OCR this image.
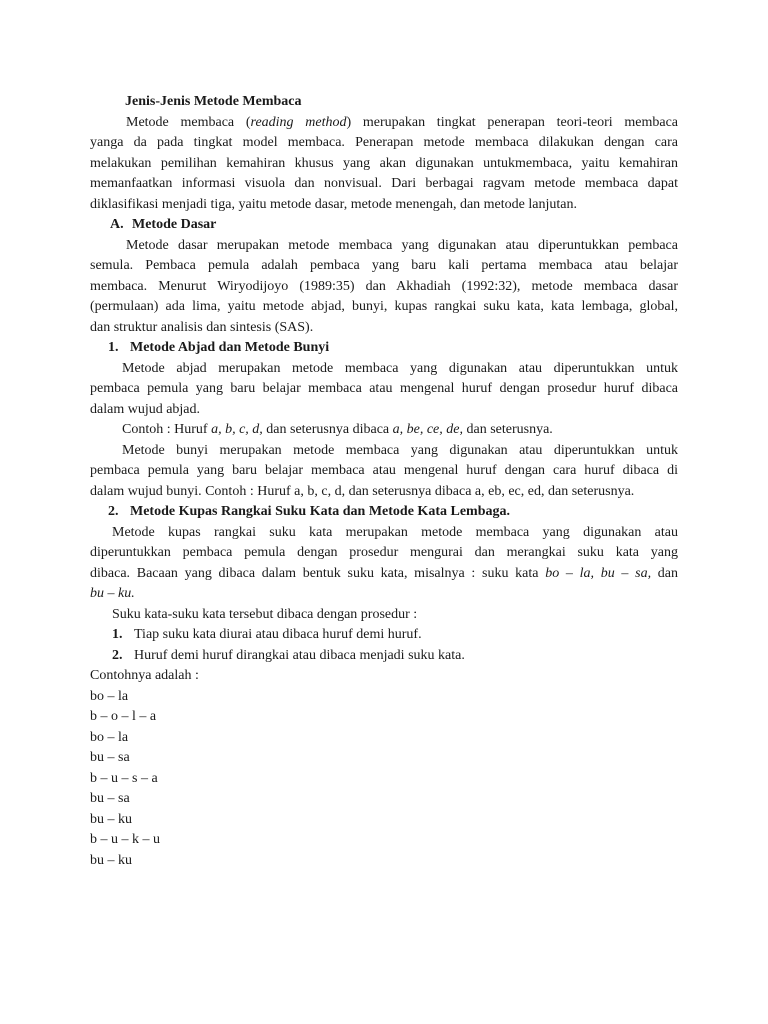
Jenis-Jenis Metode Membaca
Metode membaca (reading method) merupakan tingkat penerapan teori-teori membaca
yanga da pada tingkat model membaca. Penerapan metode membaca dilakukan dengan cara
melakukan pemilihan kemahiran khusus yang akan digunakan untukmembaca, yaitu kemahiran
memanfaatkan informasi visuola dan nonvisual. Dari berbagai ragvam metode membaca dapat
diklasifikasi menjadi tiga, yaitu metode dasar, metode menengah, dan metode lanjutan.
A. Metode Dasar
Metode dasar merupakan metode membaca yang digunakan atau diperuntukkan pembaca
semula. Pembaca pemula adalah pembaca yang baru kali pertama membaca atau belajar
membaca. Menurut Wiryodijoyo (1989:35) dan Akhadiah (1992:32), metode membaca dasar
(permulaan) ada lima, yaitu metode abjad, bunyi, kupas rangkai suku kata, kata lembaga, global,
dan struktur analisis dan sintesis (SAS).
1. Metode Abjad dan Metode Bunyi
Metode abjad merupakan metode membaca yang digunakan atau diperuntukkan untuk
pembaca pemula yang baru belajar membaca atau mengenal huruf dengan prosedur huruf dibaca
dalam wujud abjad.
Contoh : Huruf a, b, c, d, dan seterusnya dibaca a, be, ce, de, dan seterusnya.
Metode bunyi merupakan metode membaca yang digunakan atau diperuntukkan untuk
pembaca pemula yang baru belajar membaca atau mengenal huruf dengan cara huruf dibaca di
dalam wujud bunyi. Contoh : Huruf a, b, c, d, dan seterusnya dibaca a, eb, ec, ed, dan seterusnya.
2. Metode Kupas Rangkai Suku Kata dan Metode Kata Lembaga.
Metode kupas rangkai suku kata merupakan metode membaca yang digunakan atau
diperuntukkan pembaca pemula dengan prosedur mengurai dan merangkai suku kata yang
dibaca. Bacaan yang dibaca dalam bentuk suku kata, misalnya : suku kata bo – la, bu – sa, dan
bu – ku.
Suku kata-suku kata tersebut dibaca dengan prosedur :
1. Tiap suku kata diurai atau dibaca huruf demi huruf.
2. Huruf demi huruf dirangkai atau dibaca menjadi suku kata.
Contohnya adalah :
bo – la
b – o – l – a
bo – la
bu – sa
b – u – s – a
bu – sa
bu – ku
b – u – k – u
bu – ku
